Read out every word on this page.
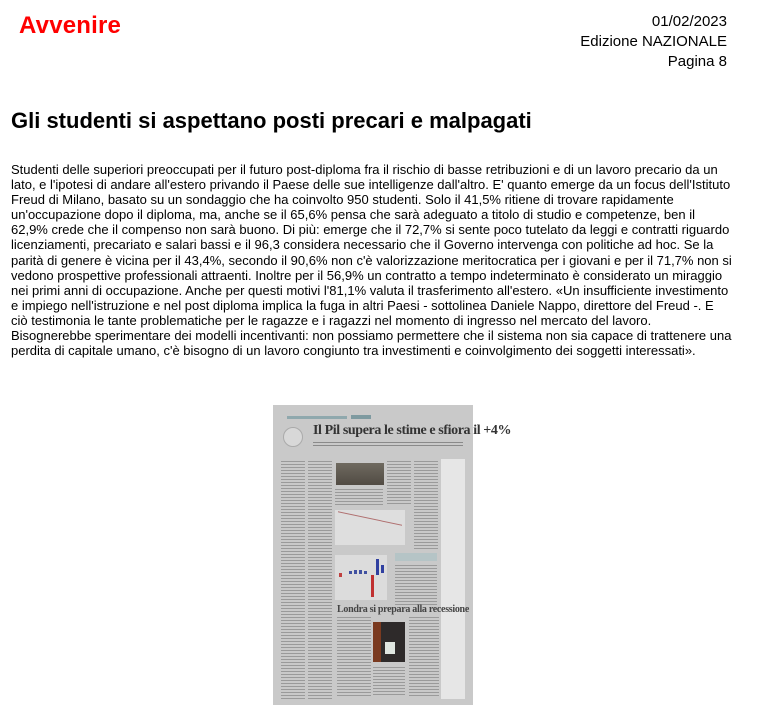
Avvenire	01/02/2023
Edizione NAZIONALE
Pagina 8
Gli studenti si aspettano posti precari e malpagati

Studenti delle superiori preoccupati per il futuro post-diploma fra il rischio di basse retribuzioni e di un lavoro precario da un lato, e l'ipotesi di andare all'estero privando il Paese delle sue intelligenze dall'altro. E' quanto emerge da un focus dell'Istituto Freud di Milano, basato su un sondaggio che ha coinvolto 950 studenti. Solo il 41,5% ritiene di trovare rapidamente un'occupazione dopo il diploma, ma, anche se il 65,6% pensa che sarà adeguato a titolo di studio e competenze, ben il 62,9% crede che il compenso non sarà buono. Di più: emerge che il 72,7% si sente poco tutelato da leggi e contratti riguardo licenziamenti, precariato e salari bassi e il 96,3 considera necessario che il Governo intervenga con politiche ad hoc. Se la parità di genere è vicina per il 43,4%, secondo il 90,6% non c'è valorizzazione meritocratica per i giovani e per il 71,7% non si vedono prospettive professionali attraenti. Inoltre per il 56,9% un contratto a tempo indeterminato è considerato un miraggio nei primi anni di occupazione. Anche per questi motivi l'81,1% valuta il trasferimento all'estero. «Un insufficiente investimento e impiego nell'istruzione e nel post diploma implica la fuga in altri Paesi - sottolinea Daniele Nappo, direttore del Freud -. E ciò testimonia le tante problematiche per le ragazze e i ragazzi nel momento di ingresso nel mercato del lavoro. Bisognerebbe sperimentare dei modelli incentivanti: non possiamo permettere che il sistema non sia capace di trattenere una perdita di capitale umano, c'è bisogno di un lavoro congiunto tra investimenti e coinvolgimento dei soggetti interessati».

Il Pil supera le stime e sfiora il +4%
Londra si prepara alla recessione
